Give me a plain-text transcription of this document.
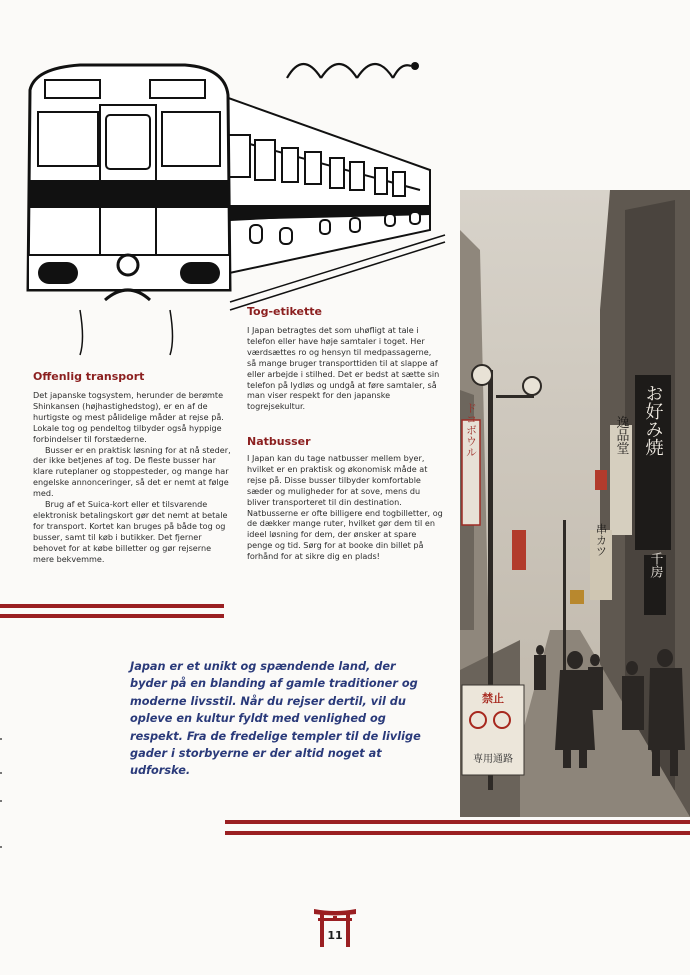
Offenlig transport

Det japanske togsystem, herunder de berømte Shinkansen (højhastighedstog), er en af de hurtigste og mest pålidelige måder at rejse på. Lokale tog og pendeltog tilbyder også hyppige forbindelser til forstæderne.

Busser er en praktisk løsning for at nå steder, der ikke betjenes af tog. De fleste busser har klare ruteplaner og stoppesteder, og mange har engelske annonceringer, så det er nemt at følge med.

Brug af et Suica-kort eller et tilsvarende elektronisk betalingskort gør det nemt at betale for transport. Kortet kan bruges på både tog og busser, samt til køb i butikker. Det fjerner behovet for at købe billetter og gør rejserne mere bekvemme.

Tog-etikette

I Japan betragtes det som uhøfligt at tale i telefon eller have høje samtaler i toget. Her værdsættes ro og hensyn til medpassagerne, så mange bruger transporttiden til at slappe af eller arbejde i stilhed. Det er bedst at sætte sin telefon på lydløs og undgå at føre samtaler, så man viser respekt for den japanske togrejsekultur.

Natbusser

I Japan kan du tage natbusser mellem byer, hvilket er en praktisk og økonomisk måde at rejse på. Disse busser tilbyder komfortable sæder og muligheder for at sove, mens du bliver transporteret til din destination. Natbusserne er ofte billigere end togbilletter, og de dækker mange ruter, hvilket gør dem til en ideel løsning for dem, der ønsker at spare penge og tid. Sørg for at booke din billet på forhånd for at sikre dig en plads!

Japan er et unikt og spændende land, der byder på en blanding af gamle traditioner og moderne livsstil. Når du rejser dertil, vil du opleve en kultur fyldt med venlighed og respekt. Fra de fredelige templer til de livlige gader i storbyerne er der altid noget at udforske.
お好み焼
逸品堂
ドコボウル
串カツ
千房
禁止
専用通路
11
